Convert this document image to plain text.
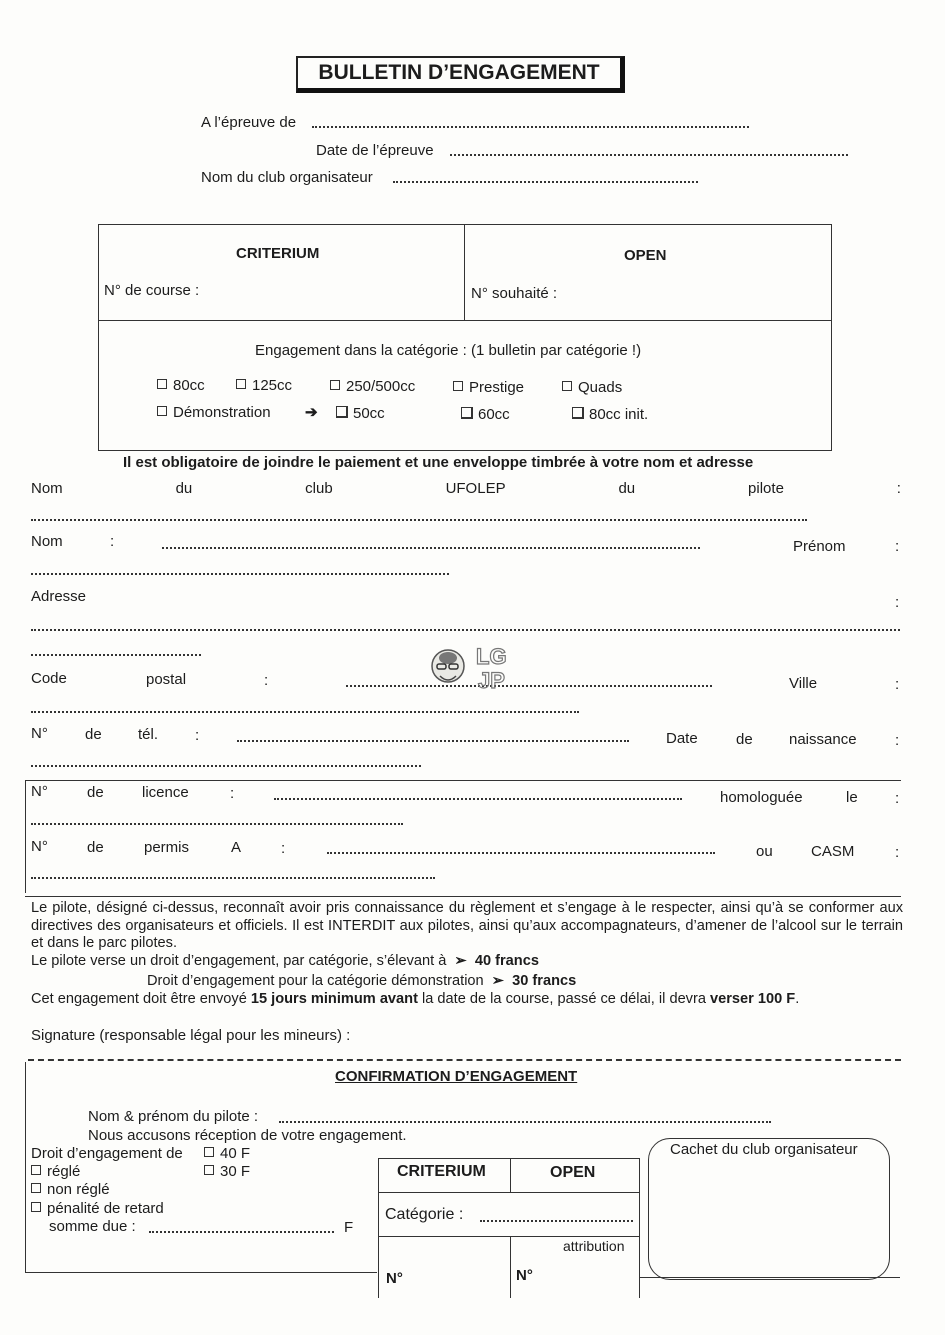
BULLETIN D’ENGAGEMENT
A l’épreuve de
Date de l’épreuve
Nom du club organisateur
CRITERIUM
N° de course :
OPEN
N° souhaité :
Engagement dans la catégorie : (1 bulletin par catégorie !)
80cc	125cc	250/500cc	Prestige	Quads
Démonstration ➔	50cc	60cc	80cc init.
Il est obligatoire de joindre le paiement et une enveloppe timbrée à votre nom et adresse
Nom	du	club	UFOLEP	du	pilote	:
Nom	:	Prénom	:
Adresse	:
Code	postal	:	Ville	:
LG
JP
N° de tél. :	Date	de naissance	:
N°	de	licence	:	homologuée	le :
N°	de	permis	A	:	ou	CASM	:
Le pilote, désigné ci-dessus, reconnaît avoir pris connaissance du règlement et s’engage à le respecter, ainsi qu’à se conformer aux directives des organisateurs et officiels. Il est INTERDIT aux pilotes, ainsi qu’aux accompagnateurs, d’amener de l’alcool sur le terrain et dans le parc pilotes.
Le pilote verse un droit d’engagement, par catégorie, s’élevant à  ➢  40 francs
Droit d’engagement pour la catégorie démonstration  ➢  30 francs
Cet engagement doit être envoyé 15 jours minimum avant la date de la course, passé ce délai, il devra verser 100 F.
Signature (responsable légal pour les mineurs) :
CONFIRMATION D’ENGAGEMENT
Nom & prénom du pilote :
Nous accusons réception de votre engagement.
Droit d’engagement de	40 F
réglé	30 F
non réglé
pénalité de retard
somme due :	F
CRITERIUM	OPEN
Catégorie :
attribution
N°	N°
Cachet du club organisateur
